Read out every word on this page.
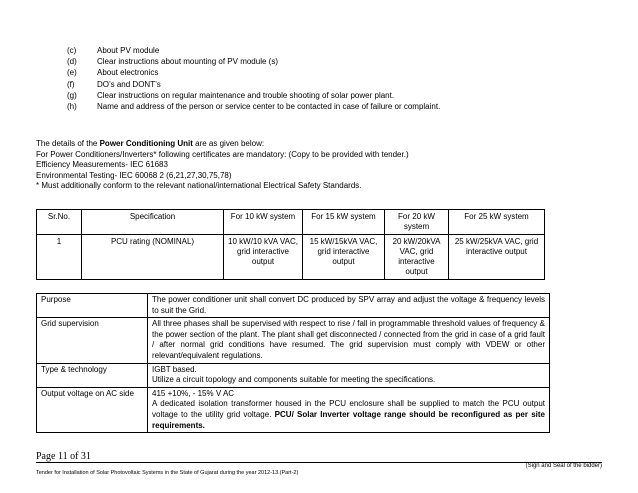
(c)	About PV module
(d)	Clear instructions about mounting of PV module (s)
(e)	About electronics
(f)	DO’s and DONT’s
(g)	Clear instructions on regular maintenance and trouble shooting of solar power plant.
(h)	Name and address of the person or service center to be contacted in case of failure or complaint.
The details of the Power Conditioning Unit are as given below:
For Power Conditioners/Inverters* following certificates are mandatory: (Copy to be provided with tender.)
Efficiency Measurements- IEC 61683
Environmental Testing- IEC 60068 2 (6,21,27,30,75,78)
* Must additionally conform to the relevant national/international Electrical Safety Standards.
Sr.No.	Specification	For 10 kW system	For 15 kW system	For 20 kW system	For 25 kW system
1	PCU rating (NOMINAL)	10 kW/10 kVA VAC, grid interactive output	15 kW/15kVA VAC, grid interactive output	20 kW/20kVA VAC, grid interactive output	25 kW/25kVA VAC, grid interactive output
Purpose	The power conditioner unit shall convert DC produced by SPV array and adjust the voltage & frequency levels to suit the Grid.
Grid supervision	All three phases shall be supervised with respect to rise / fall in programmable threshold values of frequency & the power section of the plant. The plant shall get disconnected / connected from the grid in case of a grid fault / after normal grid conditions have resumed. The grid supervision must comply with VDEW or other relevant/equivalent regulations.
Type & technology	IGBT based.
Utilize a circuit topology and components suitable for meeting the specifications.

Output voltage on AC side	415 +10%, - 15% V AC
A dedicated isolation transformer housed in the PCU enclosure shall be supplied to match the PCU output voltage to the utility grid voltage. PCU/ Solar Inverter voltage range should be reconfigured as per site requirements.
Page 11 of 31
(Sign and Seal of the bidder)
Tender for Installation of Solar Photovoltaic Systems in the State of Gujarat during the year 2012-13.(Part-2)
